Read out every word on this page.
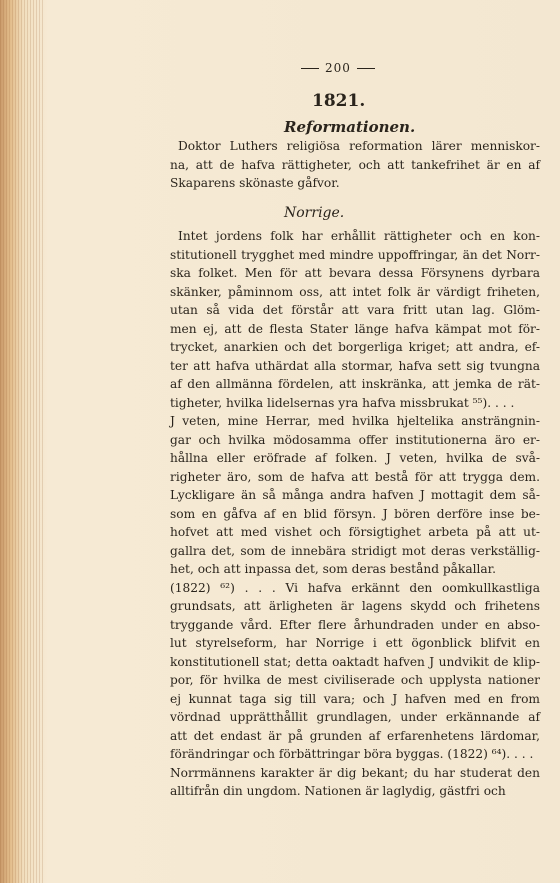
200
1821.
Reformationen.
Doktor Luthers religiösa reformation lärer menniskor-
na, att de hafva rättigheter, och att tankefrihet är en af
Skaparens skönaste gåfvor.
Norrige.
Intet jordens folk har erhållit rättigheter och en kon-
stitutionell trygghet med mindre uppoffringar, än det Norr-
ska folket. Men för att bevara dessa Försynens dyrbara
skänker, påminnom oss, att intet folk är värdigt friheten,
utan så vida det förstår att vara fritt utan lag. Glöm-
men ej, att de flesta Stater länge hafva kämpat mot för-
trycket, anarkien och det borgerliga kriget; att andra, ef-
ter att hafva uthärdat alla stormar, hafva sett sig tvungna
af den allmänna fördelen, att inskränka, att jemka de rät-
tigheter, hvilka lidelsernas yra hafva missbrukat ⁵⁵). . . .
J veten, mine Herrar, med hvilka hjeltelika ansträngnin-
gar och hvilka mödosamma offer institutionerna äro er-
hållna eller eröfrade af folken. J veten, hvilka de svå-
righeter äro, som de hafva att bestå för att trygga dem.
Lyckligare än så många andra hafven J mottagit dem så-
som en gåfva af en blid försyn. J bören derföre inse be-
hofvet att med vishet och försigtighet arbeta på att ut-
gallra det, som de innebära stridigt mot deras verkställig-
het, och att inpassa det, som deras bestånd påkallar.
(1822) ⁶²) . . . Vi hafva erkännt den oomkullkastliga
grundsats, att ärligheten är lagens skydd och frihetens
tryggande vård. Efter flere århundraden under en abso-
lut styrelseform, har Norrige i ett ögonblick blifvit en
konstitutionell stat; detta oaktadt hafven J undvikit de klip-
por, för hvilka de mest civiliserade och upplysta nationer
ej kunnat taga sig till vara; och J hafven med en from
vördnad upprätthållit grundlagen, under erkännande af
att det endast är på grunden af erfarenhetens lärdomar,
förändringar och förbättringar böra byggas. (1822) ⁶⁴). . . .
Norrmännens karakter är dig bekant; du har studerat den
alltifrån din ungdom. Nationen är laglydig, gästfri och
